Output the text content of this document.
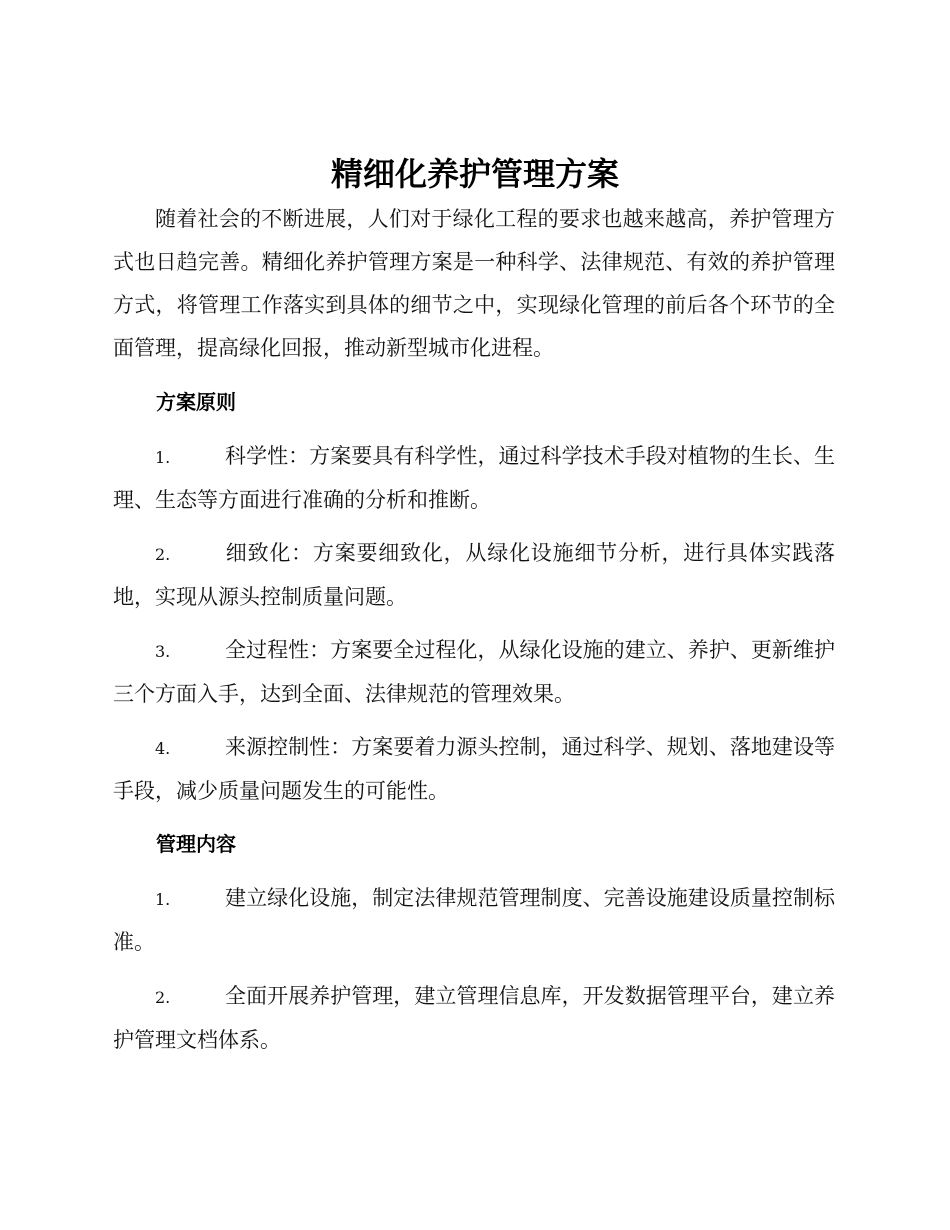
精细化养护管理方案

随着社会的不断进展，人们对于绿化工程的要求也越来越高，养护管理方式也日趋完善。精细化养护管理方案是一种科学、法律规范、有效的养护管理方式，将管理工作落实到具体的细节之中，实现绿化管理的前后各个环节的全面管理，提高绿化回报，推动新型城市化进程。

方案原则

1.	科学性：方案要具有科学性，通过科学技术手段对植物的生长、生理、生态等方面进行准确的分析和推断。

2.	细致化：方案要细致化，从绿化设施细节分析，进行具体实践落地，实现从源头控制质量问题。

3.	全过程性：方案要全过程化，从绿化设施的建立、养护、更新维护三个方面入手，达到全面、法律规范的管理效果。

4.	来源控制性：方案要着力源头控制，通过科学、规划、落地建设等手段，减少质量问题发生的可能性。

管理内容

1.	建立绿化设施，制定法律规范管理制度、完善设施建设质量控制标准。

2.	全面开展养护管理，建立管理信息库，开发数据管理平台，建立养护管理文档体系。
